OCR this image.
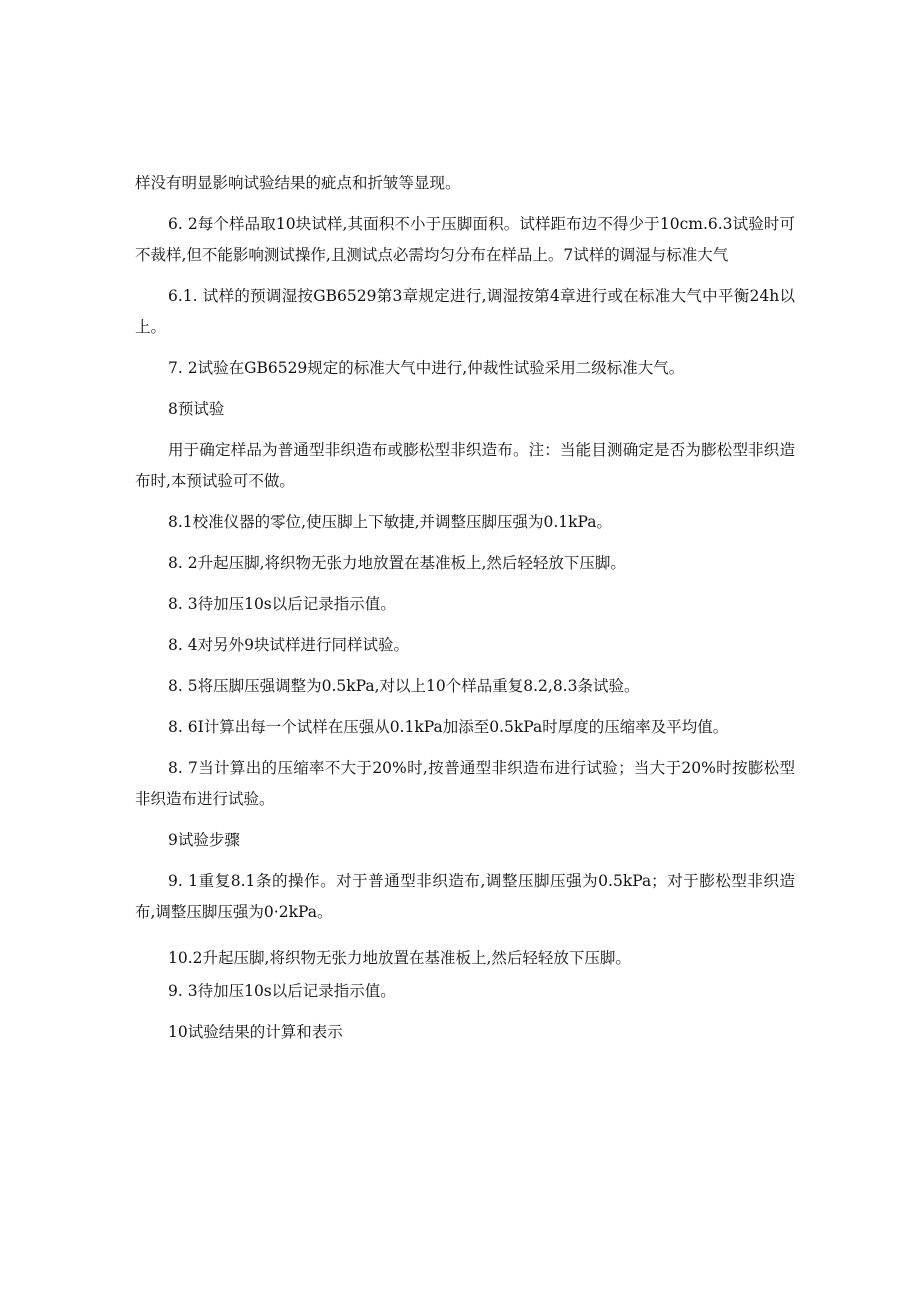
样没有明显影响试验结果的疵点和折皱等显现。

6. 2每个样品取10块试样,其面积不小于压脚面积。试样距布边不得少于10cm.6.3试验时可不裁样,但不能影响测试操作,且测试点必需均匀分布在样品上。7试样的调湿与标准大气

6.1. 试样的预调湿按GB6529第3章规定进行,调湿按第4章进行或在标准大气中平衡24h以上。

7. 2试验在GB6529规定的标准大气中进行,仲裁性试验采用二级标准大气。

8预试验

用于确定样品为普通型非织造布或膨松型非织造布。注：当能目测确定是否为膨松型非织造布时,本预试验可不做。

8.1校准仪器的零位,使压脚上下敏捷,并调整压脚压强为0.1kPa。

8. 2升起压脚,将织物无张力地放置在基准板上,然后轻轻放下压脚。

8. 3待加压10s以后记录指示值。

8. 4对另外9块试样进行同样试验。

8. 5将压脚压强调整为0.5kPa,对以上10个样品重复8.2,8.3条试验。

8. 6I计算出每一个试样在压强从0.1kPa加添至0.5kPa时厚度的压缩率及平均值。

8. 7当计算出的压缩率不大于20%时,按普通型非织造布进行试验；当大于20%时按膨松型非织造布进行试验。

9试验步骤

9. 1重复8.1条的操作。对于普通型非织造布,调整压脚压强为0.5kPa；对于膨松型非织造布,调整压脚压强为0·2kPa。

10.2升起压脚,将织物无张力地放置在基准板上,然后轻轻放下压脚。

9. 3待加压10s以后记录指示值。

10试验结果的计算和表示
